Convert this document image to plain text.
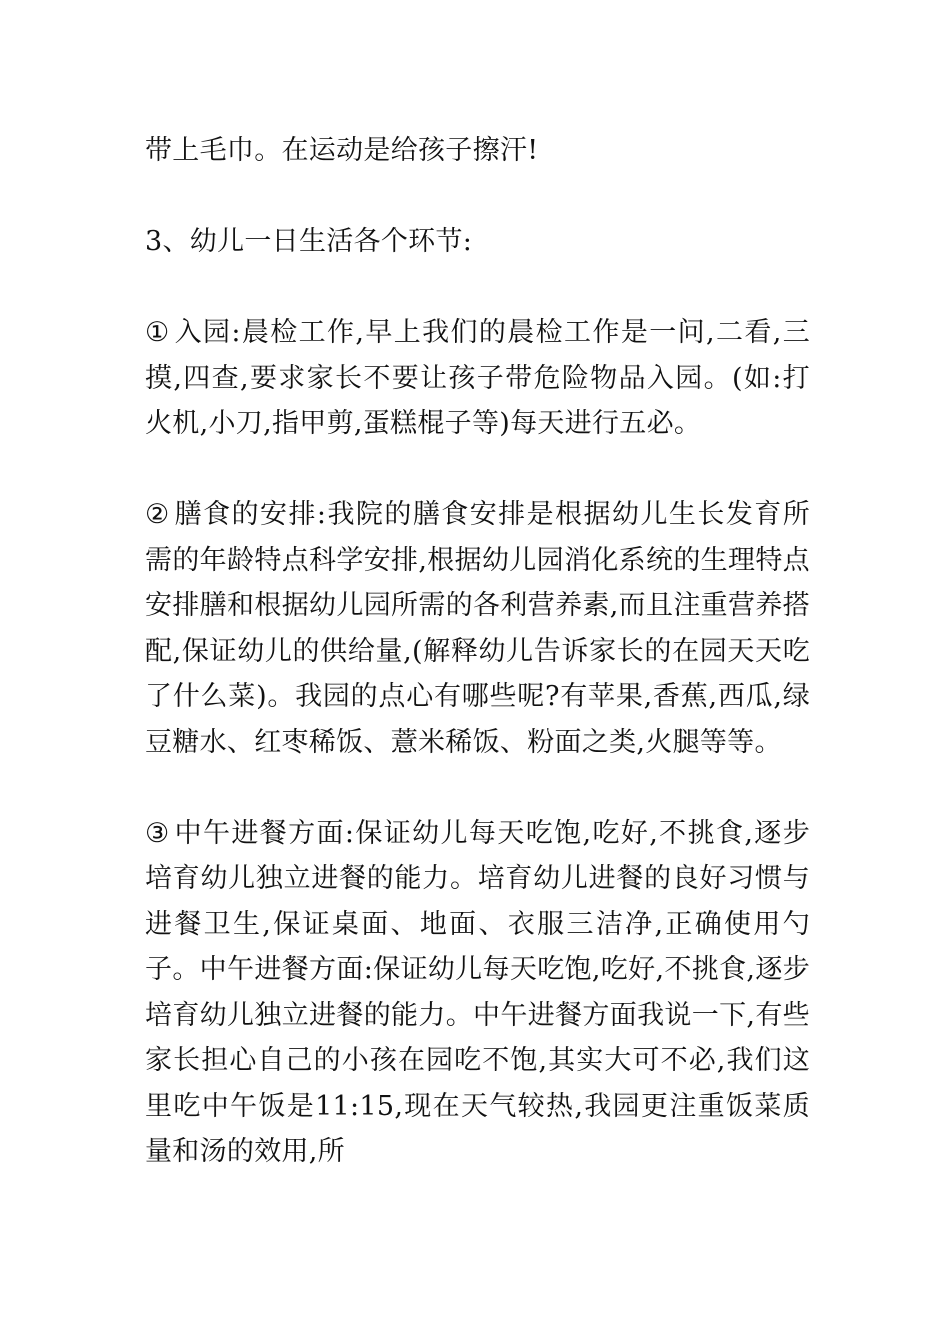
带上毛巾。在运动是给孩子擦汗!

3、幼儿一日生活各个环节:

① 入园:晨检工作,早上我们的晨检工作是一问,二看,三摸,四查,要求家长不要让孩子带危险物品入园。(如:打火机,小刀,指甲剪,蛋糕棍子等)每天进行五必。

② 膳食的安排:我院的膳食安排是根据幼儿生长发育所需的年龄特点科学安排,根据幼儿园消化系统的生理特点安排膳和根据幼儿园所需的各利营养素,而且注重营养搭配,保证幼儿的供给量,(解释幼儿告诉家长的在园天天吃了什么菜)。我园的点心有哪些呢?有苹果,香蕉,西瓜,绿豆糖水、红枣稀饭、薏米稀饭、粉面之类,火腿等等。

③ 中午进餐方面:保证幼儿每天吃饱,吃好,不挑食,逐步培育幼儿独立进餐的能力。培育幼儿进餐的良好习惯与进餐卫生,保证桌面、地面、衣服三洁净,正确使用勺子。中午进餐方面:保证幼儿每天吃饱,吃好,不挑食,逐步培育幼儿独立进餐的能力。中午进餐方面我说一下,有些家长担心自己的小孩在园吃不饱,其实大可不必,我们这里吃中午饭是11:15,现在天气较热,我园更注重饭菜质量和汤的效用,所
